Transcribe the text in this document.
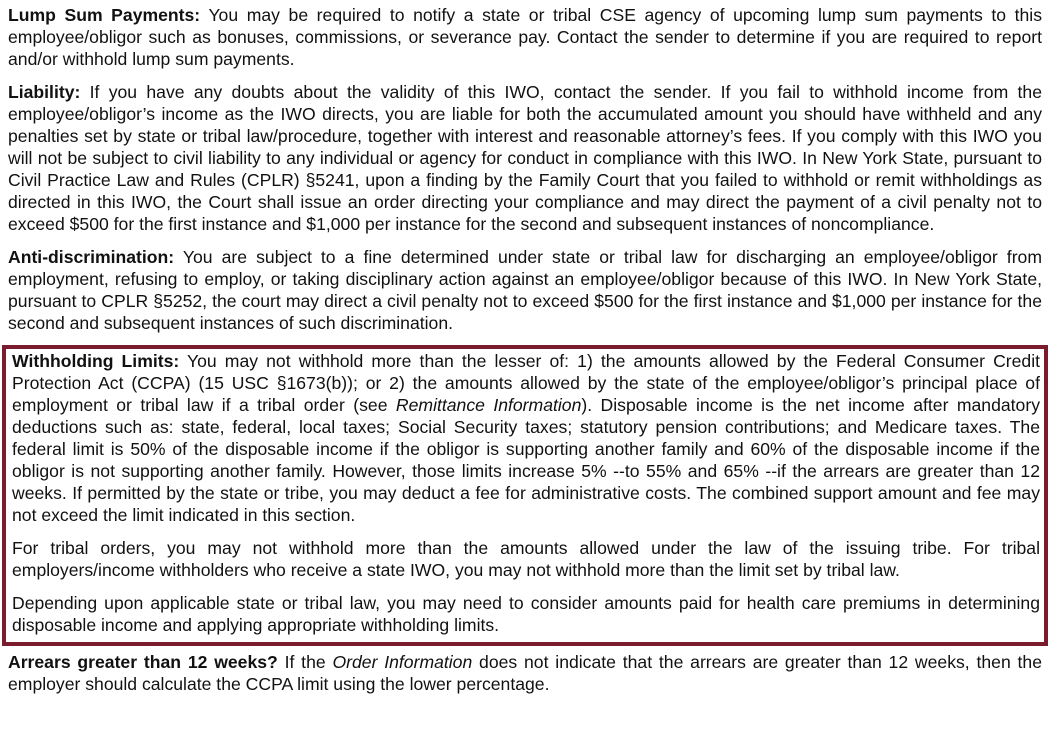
Lump Sum Payments: You may be required to notify a state or tribal CSE agency of upcoming lump sum payments to this employee/obligor such as bonuses, commissions, or severance pay. Contact the sender to determine if you are required to report and/or withhold lump sum payments.

Liability: If you have any doubts about the validity of this IWO, contact the sender. If you fail to withhold income from the employee/obligor’s income as the IWO directs, you are liable for both the accumulated amount you should have withheld and any penalties set by state or tribal law/procedure, together with interest and reasonable attorney’s fees. If you comply with this IWO you will not be subject to civil liability to any individual or agency for conduct in compliance with this IWO. In New York State, pursuant to Civil Practice Law and Rules (CPLR) §5241, upon a finding by the Family Court that you failed to withhold or remit withholdings as directed in this IWO, the Court shall issue an order directing your compliance and may direct the payment of a civil penalty not to exceed $500 for the first instance and $1,000 per instance for the second and subsequent instances of noncompliance.

Anti-discrimination: You are subject to a fine determined under state or tribal law for discharging an employee/obligor from employment, refusing to employ, or taking disciplinary action against an employee/obligor because of this IWO. In New York State, pursuant to CPLR §5252, the court may direct a civil penalty not to exceed $500 for the first instance and $1,000 per instance for the second and subsequent instances of such discrimination.

Withholding Limits: You may not withhold more than the lesser of: 1) the amounts allowed by the Federal Consumer Credit Protection Act (CCPA) (15 USC §1673(b)); or 2) the amounts allowed by the state of the employee/obligor’s principal place of employment or tribal law if a tribal order (see Remittance Information). Disposable income is the net income after mandatory deductions such as: state, federal, local taxes; Social Security taxes; statutory pension contributions; and Medicare taxes. The federal limit is 50% of the disposable income if the obligor is supporting another family and 60% of the disposable income if the obligor is not supporting another family. However, those limits increase 5% --to 55% and 65% --if the arrears are greater than 12 weeks. If permitted by the state or tribe, you may deduct a fee for administrative costs. The combined support amount and fee may not exceed the limit indicated in this section.

For tribal orders, you may not withhold more than the amounts allowed under the law of the issuing tribe. For tribal employers/income withholders who receive a state IWO, you may not withhold more than the limit set by tribal law.

Depending upon applicable state or tribal law, you may need to consider amounts paid for health care premiums in determining disposable income and applying appropriate withholding limits.

Arrears greater than 12 weeks? If the Order Information does not indicate that the arrears are greater than 12 weeks, then the employer should calculate the CCPA limit using the lower percentage.
